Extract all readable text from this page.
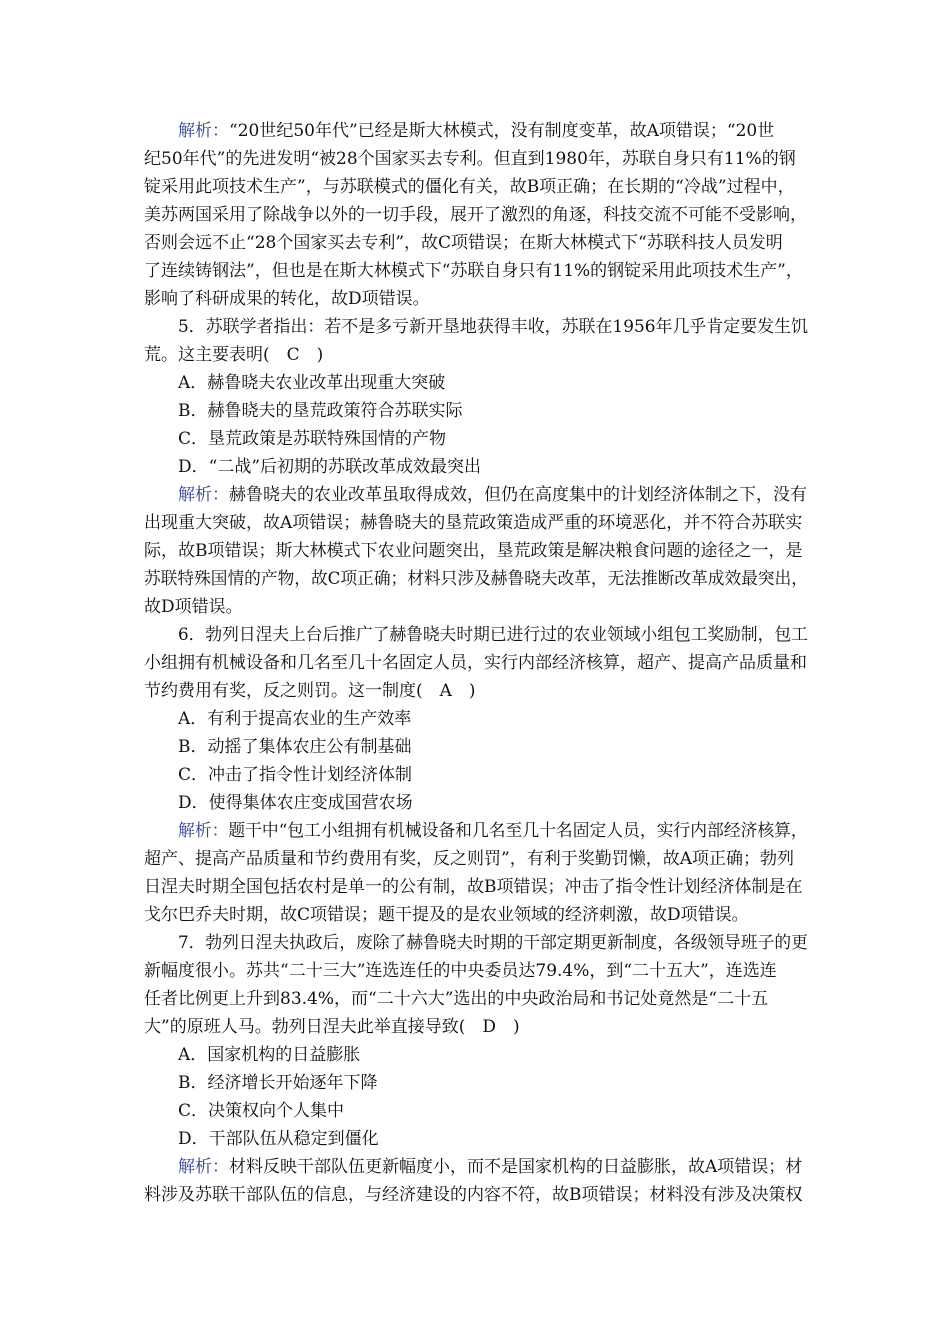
解析：“20世纪50年代”已经是斯大林模式，没有制度变革，故A项错误；“20世
纪50年代”的先进发明“被28个国家买去专利。但直到1980年，苏联自身只有11%的钢
锭采用此项技术生产”，与苏联模式的僵化有关，故B项正确；在长期的“冷战”过程中，
美苏两国采用了除战争以外的一切手段，展开了激烈的角逐，科技交流不可能不受影响，
否则会远不止“28个国家买去专利”，故C项错误；在斯大林模式下“苏联科技人员发明
了连续铸钢法”，但也是在斯大林模式下“苏联自身只有11%的钢锭采用此项技术生产”，
影响了科研成果的转化，故D项错误。
5．苏联学者指出：若不是多亏新开垦地获得丰收，苏联在1956年几乎肯定要发生饥
荒。这主要表明(　C　)
A．赫鲁晓夫农业改革出现重大突破
B．赫鲁晓夫的垦荒政策符合苏联实际
C．垦荒政策是苏联特殊国情的产物
D．“二战”后初期的苏联改革成效最突出
解析：赫鲁晓夫的农业改革虽取得成效，但仍在高度集中的计划经济体制之下，没有
出现重大突破，故A项错误；赫鲁晓夫的垦荒政策造成严重的环境恶化，并不符合苏联实
际，故B项错误；斯大林模式下农业问题突出，垦荒政策是解决粮食问题的途径之一，是
苏联特殊国情的产物，故C项正确；材料只涉及赫鲁晓夫改革，无法推断改革成效最突出，
故D项错误。
6．勃列日涅夫上台后推广了赫鲁晓夫时期已进行过的农业领域小组包工奖励制，包工
小组拥有机械设备和几名至几十名固定人员，实行内部经济核算，超产、提高产品质量和
节约费用有奖，反之则罚。这一制度(　A　)
A．有利于提高农业的生产效率
B．动摇了集体农庄公有制基础
C．冲击了指令性计划经济体制
D．使得集体农庄变成国营农场
解析：题干中“包工小组拥有机械设备和几名至几十名固定人员，实行内部经济核算，
超产、提高产品质量和节约费用有奖，反之则罚”，有利于奖勤罚懒，故A项正确；勃列
日涅夫时期全国包括农村是单一的公有制，故B项错误；冲击了指令性计划经济体制是在
戈尔巴乔夫时期，故C项错误；题干提及的是农业领域的经济刺激，故D项错误。
7．勃列日涅夫执政后，废除了赫鲁晓夫时期的干部定期更新制度，各级领导班子的更
新幅度很小。苏共“二十三大”连选连任的中央委员达79.4%，到“二十五大”，连选连
任者比例更上升到83.4%，而“二十六大”选出的中央政治局和书记处竟然是“二十五
大”的原班人马。勃列日涅夫此举直接导致(　D　)
A．国家机构的日益膨胀
B．经济增长开始逐年下降
C．决策权向个人集中
D．干部队伍从稳定到僵化
解析：材料反映干部队伍更新幅度小，而不是国家机构的日益膨胀，故A项错误；材
料涉及苏联干部队伍的信息，与经济建设的内容不符，故B项错误；材料没有涉及决策权
